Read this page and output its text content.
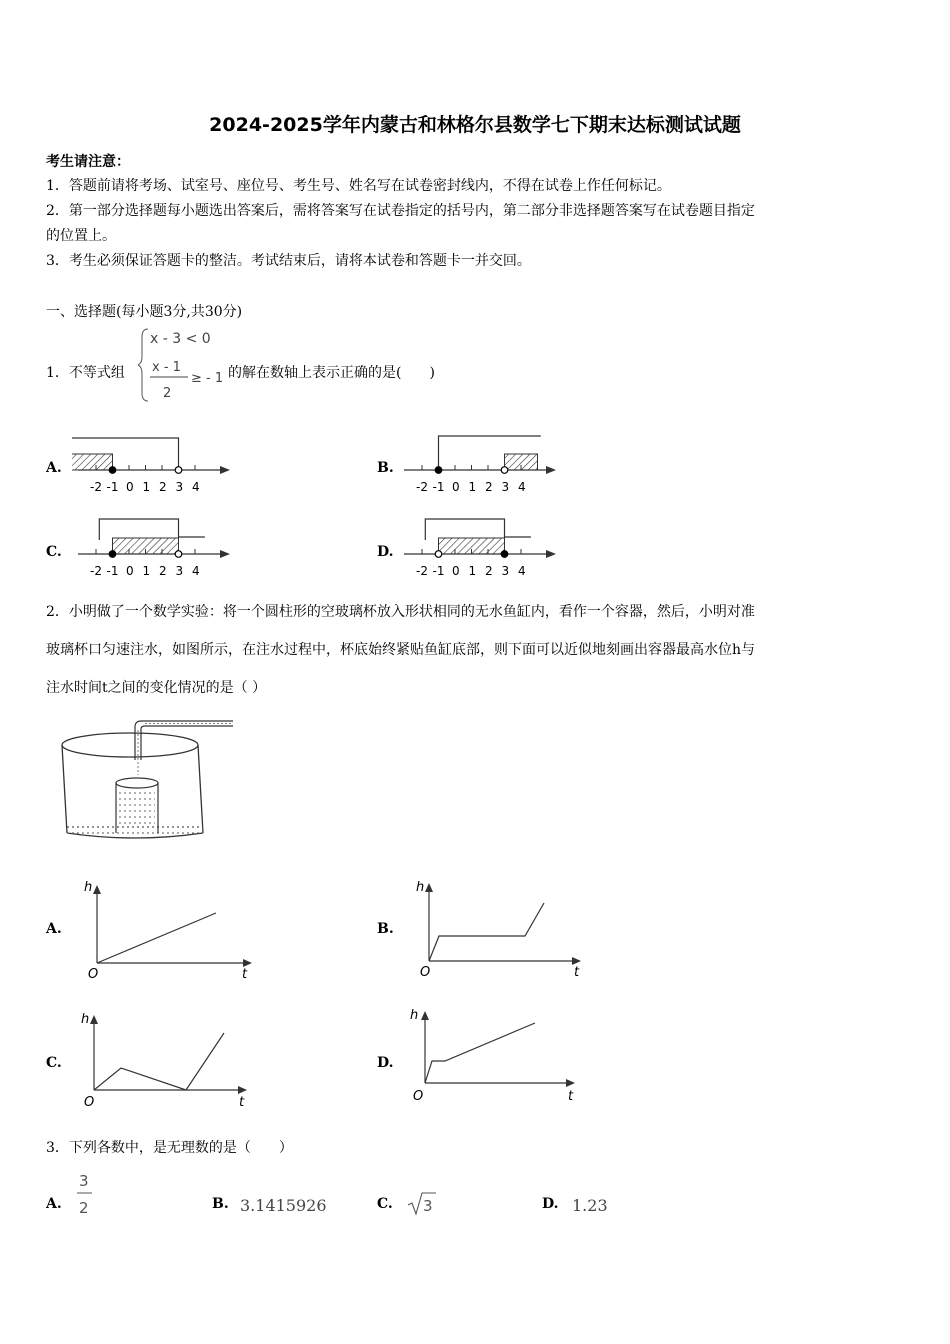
2024-2025学年内蒙古和林格尔县数学七下期末达标测试试题
考生请注意：
1．答题前请将考场、试室号、座位号、考生号、姓名写在试卷密封线内，不得在试卷上作任何标记。
2．第一部分选择题每小题选出答案后，需将答案写在试卷指定的括号内，第二部分非选择题答案写在试卷题目指定
的位置上。
3．考生必须保证答题卡的整洁。考试结束后，请将本试卷和答题卡一并交回。
一、选择题(每小题3分,共30分)
1．不等式组
x - 3 < 0
x - 1
2
≥ - 1 的解在数轴上表示正确的是(　　)
A.	B.
C.	D.
-2 -1 0 1 2 3 4	-2 -1 0 1 2 3 4
-2 -1 0 1 2 3 4	-2 -1 0 1 2 3 4
2．小明做了一个数学实验：将一个圆柱形的空玻璃杯放入形状相同的无水鱼缸内，看作一个容器，然后，小明对准
玻璃杯口匀速注水，如图所示，在注水过程中，杯底始终紧贴鱼缸底部，则下面可以近似地刻画出容器最高水位h与
注水时间t之间的变化情况的是（ ）
A.	B.
C.	D.
h
t
O
h
t
O
h
t
O
h
t
O
3．下列各数中，是无理数的是（　　）
A.
3
2	B. 3.1415926	C. 3	D. 1.23
